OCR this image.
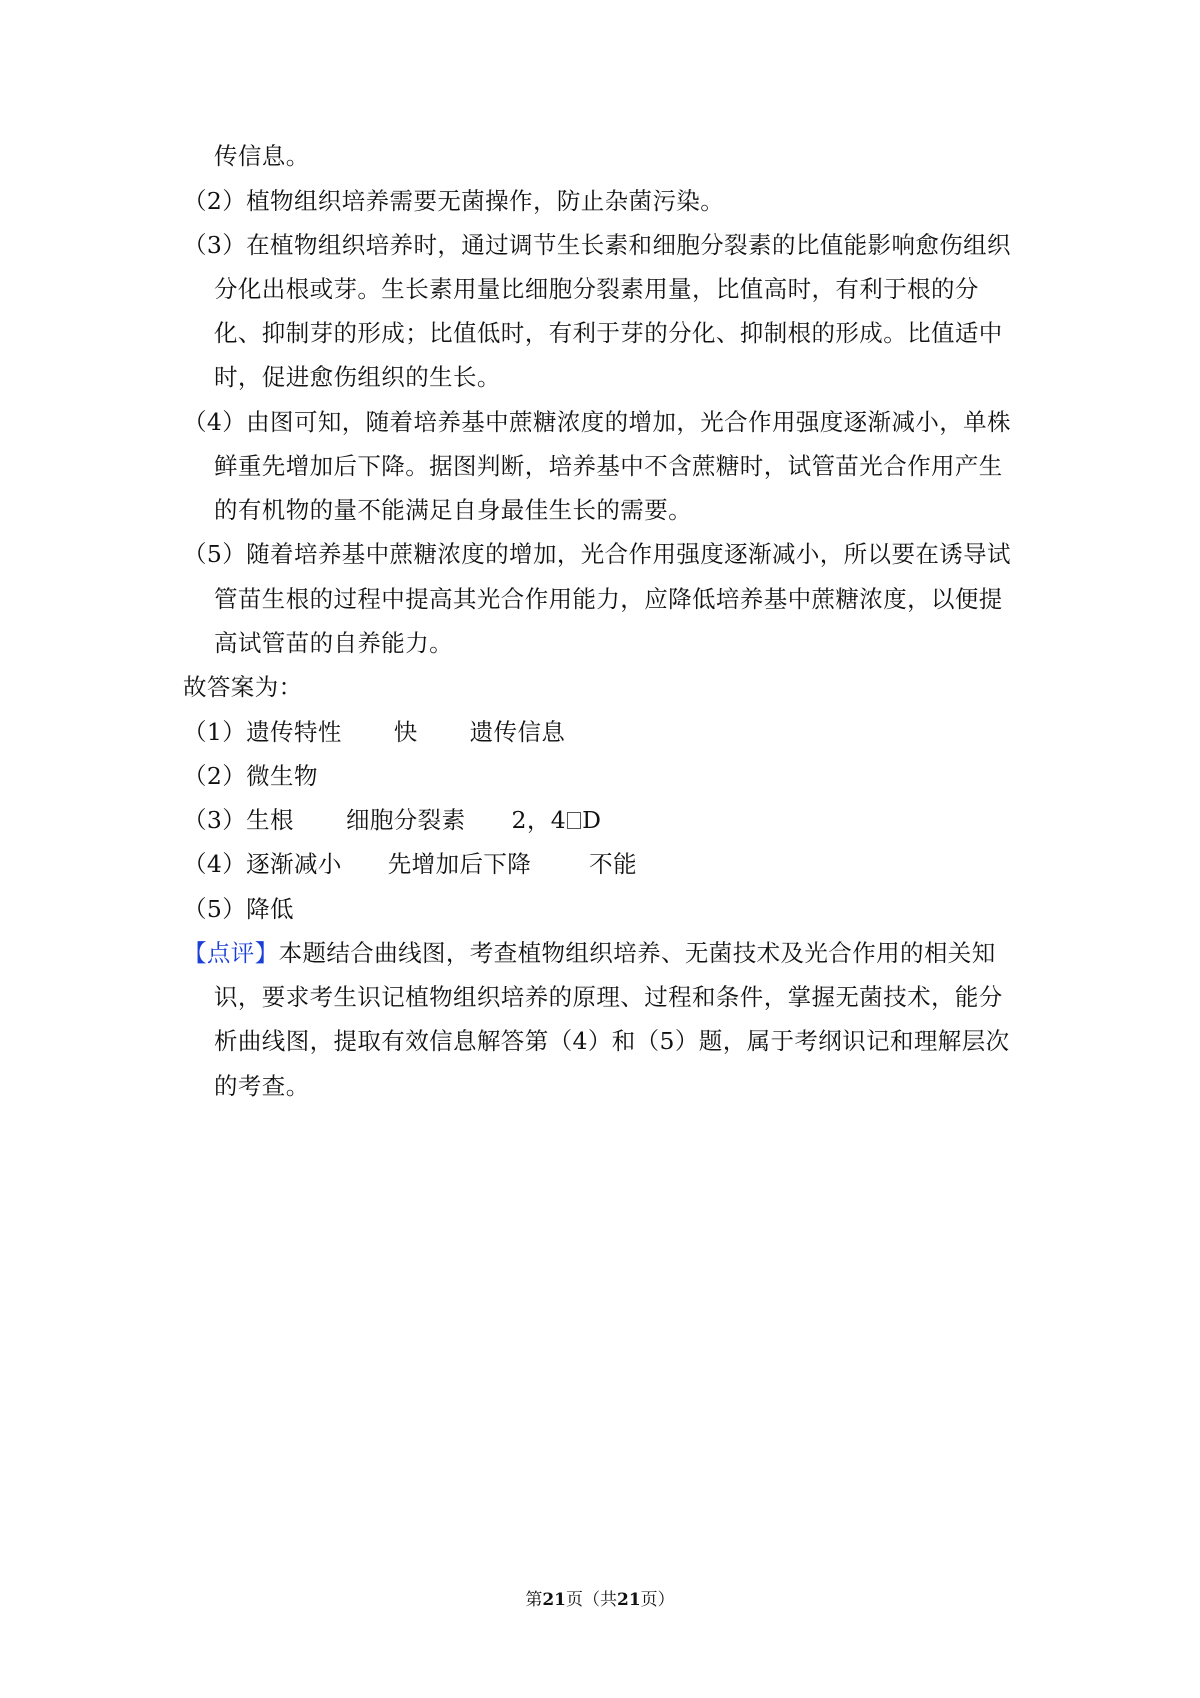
传信息。
（2）植物组织培养需要无菌操作，防止杂菌污染。
（3）在植物组织培养时，通过调节生长素和细胞分裂素的比值能影响愈伤组织
分化出根或芽。生长素用量比细胞分裂素用量，比值高时，有利于根的分
化、抑制芽的形成；比值低时，有利于芽的分化、抑制根的形成。比值适中
时，促进愈伤组织的生长。
（4）由图可知，随着培养基中蔗糖浓度的增加，光合作用强度逐渐减小，单株
鲜重先增加后下降。据图判断，培养基中不含蔗糖时，试管苗光合作用产生
的有机物的量不能满足自身最佳生长的需要。
（5）随着培养基中蔗糖浓度的增加，光合作用强度逐渐减小，所以要在诱导试
管苗生根的过程中提高其光合作用能力，应降低培养基中蔗糖浓度，以便提
高试管苗的自养能力。
故答案为：
（1）遗传特性 快 遗传信息
（2）微生物
（3）生根 细胞分裂素 2，4 D
（4）逐渐减小 先增加后下降 不能
（5）降低
【点评】本题结合曲线图，考查植物组织培养、无菌技术及光合作用的相关知
识，要求考生识记植物组织培养的原理、过程和条件，掌握无菌技术，能分
析曲线图，提取有效信息解答第（4）和（5）题，属于考纲识记和理解层次
的考查。
第21页（共21页）
